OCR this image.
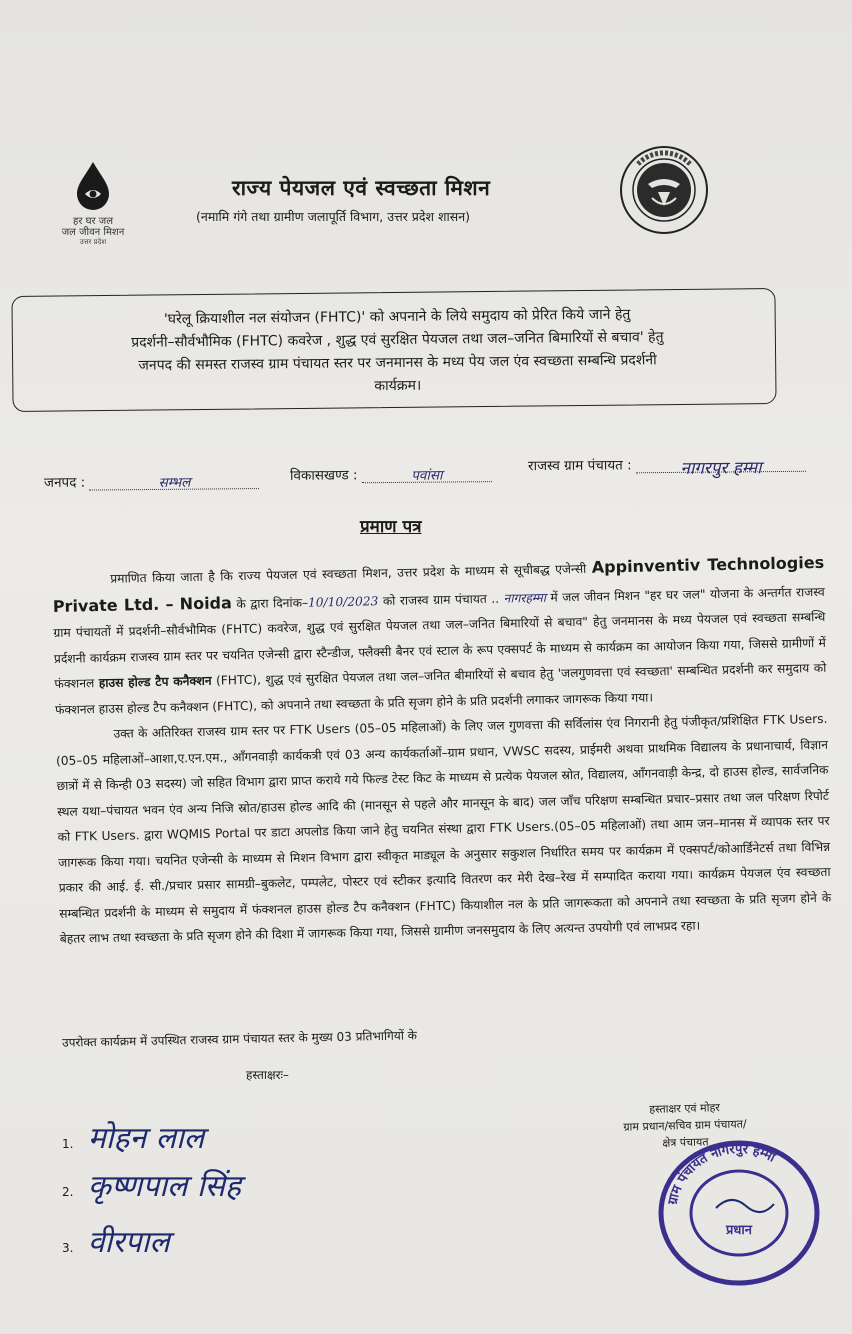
हर घर जल
जल जीवन मिशन
उत्तर प्रदेश
राज्य पेयजल एवं स्वच्छता मिशन
(नमामि गंगे तथा ग्रामीण जलापूर्ति विभाग, उत्तर प्रदेश शासन)
'घरेलू क्रियाशील नल संयोजन (FHTC)' को अपनाने के लिये समुदाय को प्रेरित किये जाने हेतु
प्रदर्शनी–सौर्वभौमिक (FHTC) कवरेज , शुद्ध एवं सुरक्षित पेयजल तथा जल–जनित बिमारियों से बचाव' हेतु
जनपद की समस्त राजस्व ग्राम पंचायत स्तर पर जनमानस के मध्य पेय जल एंव स्वच्छता सम्बन्धि प्रदर्शनी
कार्यक्रम।
जनपद :	सम्भल	विकासखण्ड :	पवांसा
राजस्व ग्राम पंचायत :	नागरपुर हम्मा
प्रमाण पत्र

प्रमाणित किया जाता है कि राज्य पेयजल एवं स्वच्छता मिशन, उत्तर प्रदेश के माध्यम से सूचीबद्ध एजेन्सी Appinventiv Technologies Private Ltd. – Noida के द्वारा दिनांक–10/10/2023 को राजस्व ग्राम पंचायत .. नागरहम्मा में जल जीवन मिशन "हर घर जल" योजना के अन्तर्गत राजस्व ग्राम पंचायतों में प्रदर्शनी–सौर्वभौमिक (FHTC) कवरेज, शुद्ध एवं सुरक्षित पेयजल तथा जल–जनित बिमारियों से बचाव" हेतु जनमानस के मध्य पेयजल एवं स्वच्छता सम्बन्धि प्रर्दशनी कार्यक्रम राजस्व ग्राम स्तर पर चयनित एजेन्सी द्वारा स्टैन्डीज, फ्लैक्सी बैनर एवं स्टाल के रूप एक्सपर्ट के माध्यम से कार्यक्रम का आयोजन किया गया, जिससे ग्रामीणों में फंक्शनल हाउस होल्ड टैप कनैक्शन (FHTC), शुद्ध एवं सुरक्षित पेयजल तथा जल–जनित बीमारियों से बचाव हेतु 'जलगुणवत्ता एवं स्वच्छता' सम्बन्धित प्रदर्शनी कर समुदाय को फंक्शनल हाउस होल्ड टैप कनैक्शन (FHTC), को अपनाने तथा स्वच्छता के प्रति सृजग होने के प्रति प्रदर्शनी लगाकर जागरूक किया गया।

उक्त के अतिरिक्त राजस्व ग्राम स्तर पर FTK Users (05–05 महिलाओं) के लिए जल गुणवत्ता की सर्विलांस एंव निगरानी हेतु पंजीकृत/प्रशिक्षित FTK Users.(05–05 महिलाओं–आशा,ए.एन.एम., आँगनवाड़ी कार्यकत्री एवं 03 अन्य कार्यकर्ताओं–ग्राम प्रधान, VWSC सदस्य, प्राईमरी अथवा प्राथमिक विद्यालय के प्रधानाचार्य, विज्ञान छात्रों में से किन्ही 03 सदस्य) जो सहित विभाग द्वारा प्राप्त कराये गये फिल्ड टेस्ट किट के माध्यम से प्रत्येक पेयजल स्रोत, विद्यालय, आँगनवाड़ी केन्द्र, दो हाउस होल्ड, सार्वजनिक स्थल यथा–पंचायत भवन एंव अन्य निजि स्रोत/हाउस होल्ड आदि की (मानसून से पहले और मानसून के बाद) जल जाँच परिक्षण सम्बन्धित प्रचार–प्रसार तथा जल परिक्षण रिपोर्ट को FTK Users. द्वारा WQMIS Portal पर डाटा अपलोड किया जाने हेतु चयनित संस्था द्वारा FTK Users.(05–05 महिलाओं) तथा आम जन–मानस में व्यापक स्तर पर जागरूक किया गया। चयनित एजेन्सी के माध्यम से मिशन विभाग द्वारा स्वीकृत माड्यूल के अनुसार सकुशल निर्धारित समय पर कार्यक्रम में एक्सपर्ट/कोआर्डिनेटर्स तथा विभिन्न प्रकार की आई. ई. सी./प्रचार प्रसार सामग्री–बुकलेट, पम्पलेट, पोस्टर एवं स्टीकर इत्यादि वितरण कर मेरी देख–रेख में सम्पादित कराया गया। कार्यक्रम पेयजल एंव स्वच्छता सम्बन्धित प्रदर्शनी के माध्यम से समुदाय में फंक्शनल हाउस होल्ड टैप कनैक्शन (FHTC) कियाशील नल के प्रति जागरूकता को अपनाने तथा स्वच्छता के प्रति सृजग होने के बेहतर लाभ तथा स्वच्छता के प्रति सृजग होने की दिशा में जागरूक किया गया, जिससे ग्रामीण जनसमुदाय के लिए अत्यन्त उपयोगी एवं लाभप्रद रहा।

उपरोक्त कार्यक्रम में उपस्थित राजस्व ग्राम पंचायत स्तर के मुख्य 03 प्रतिभागियों के
हस्ताक्षरः–
1. मोहन लाल
2. कृष्णपाल सिंह
3. वीरपाल
हस्ताक्षर एवं मोहर
ग्राम प्रधान/सचिव ग्राम पंचायत/
क्षेत्र पंचायत
ग्राम पंचायत नागरपुर हम्मा
प्रधान
